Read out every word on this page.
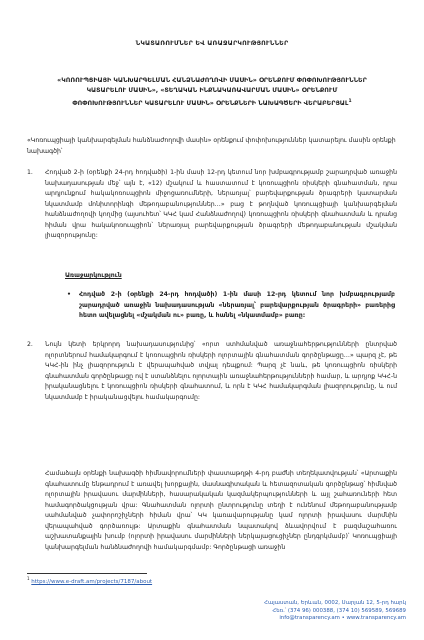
ՆԿԱՏԱՌՈՒՄՆԵՐ ԵՎ ԱՌԱՋԱՐԿՈՒԹՅՈՒՆՆԵՐ
«ԿՈՌՈՒՊՑԻԱՅԻ ԿԱՆԽԱՐԳԵԼՄԱՆ ՀԱՆՁՆԱԺՈՂՈՎԻ ՄԱՍԻՆ» ՕՐԵՆՔՈՒՄ ՓՈՓՈԽՈՒԹՅՈՒՆՆԵՐ ԿԱՏԱՐԵԼՈՒ ՄԱՍԻՆ», «ՏԵՂԱԿԱՆ ԻՆՔՆԱԿԱՌԱՎԱՐՄԱՆ ՄԱՍԻՆ» ՕՐԵՆՔՈՒՄ ՓՈՓՈԽՈՒԹՅՈՒՆՆԵՐ ԿԱՏԱՐԵԼՈՒ ՄԱՍԻՆ» ՕՐԵՆՔՆԵՐԻ ՆԱԽԱԳԾԵՐԻ ՎԵՐԱԲԵՐՅԱԼ$^1$
«Կոռուպցիայի կանխարգելման հանձնաժողովի մասին» օրենքում փոփոխություններ կատարելու մասին օրենքի նախագծի՝
1. Հոդված 2-ի (օրենքի 24-րդ հոդվածի) 1-ին մասի 12-րդ կետում նոր խմբագրությամբ շարադրված առաջին նախադասության մեջ՝ այն է, «12) մշակում և հաստատում է կոռուպցիոն ռիսկերի գնահատման, դրա արդյունքում հակակոռուպցիոն միջոցառումների, ներառյալ՝ բարեվարքության ծրագրերի կատարման նկատմամբ մոնիտորինգի մեթոդաբանություններ…» բաց է թողնված կոռուպցիայի կանխարգելման հանձնաժողովի կողմից (այսուհետ՝ ԿԿՀ կամ Հանձնաժողով) կոռուպցիոն ռիսկերի գնահատման և դրանց հիման վրա հակակոռուպցիոն՝ ներառյալ բարեվարքության ծրագրերի մեթոդաբանության մշակման լիազորությունը:
Առաջարկություն
• Հոդված 2-ի (օրենքի 24-րդ հոդվածի) 1-ին մասի 12-րդ կետում նոր խմբագրությամբ շարադրված առաջին նախադասության «ներառյալ՝ բարեվարքության ծրագրերի» բառերից հետո ավելացնել «մշակման ու» բառը, և հանել «նկատմամբ» բառը:
2. Նույն կետի երկրորդ նախադասությունից՝ «որտ ստհմանված առաջնահերթությունների ընտրված ոլորտներում համակարգում է կոռուպցիոն ռիսկերի ոլորտային գնահատման գործընթացը…» պարզ չէ, թե ԿԿՀ-ին ինչ լիազորություն է վերապահված տվյալ դեպքում: Պարզ չէ նաև, թե կոռուպցիոն ռիսկերի գնահատման գործընթացը ով է ստանձնելու ոլորտային առաջնահերթությունների համար, և արդյոք ԿԿՀ-ն իրականացնելու է կոռուպցիոն ռիսկերի գնահատում, և որն է ԿԿՀ համակարգման լիազորությունը, և ում նկատմամբ է իրականացվելու համակարգումը:
Համաձայն օրենքի նախագծի հիմնավորումների փաստաթղթի 4-րդ բաժնի տեղեկատվության՝ «Արտաքին գնահատումը ենթադրում է առավել խորքային, մասնագիտական և հետազոտական գործընթաց՝ հիմնված ոլորտային իրավասու մարմինների, հասարակական կազմակերպությունների և այլ շահառուների հետ համագործակցության վրա: Գնահատման ոլորտի ընտրությունը տեղի է ունենում մեթոդաբանությամբ սահմանված չափորոշիչների հիման վրա՝ ԿԿ կառավարությանը կամ ոլորտի իրավասու մարմնին վերապահված գործառույթ: Արտաքին գնահատման նպատակով ձևավորվում է բազմաշահառու աշխատանքային խումբ (ոլորտի իրավասու մարմինների ներկայացուցիչներ ընդգրկմամբ)՝ Կոռուպցիայի կանխարգելման հանձնաժողովի համակարգմամբ: Գործընթացի առաջին
$^1$ https://www.e-draft.am/projects/7187/about
Հայաստան, Երևան, 0002, Սարյան 12, 5-րդ հարկ
Հեռ.՝ (374 96) 000388, (374 10) 569589, 569689
info@transparency.am • www.transparency.am
